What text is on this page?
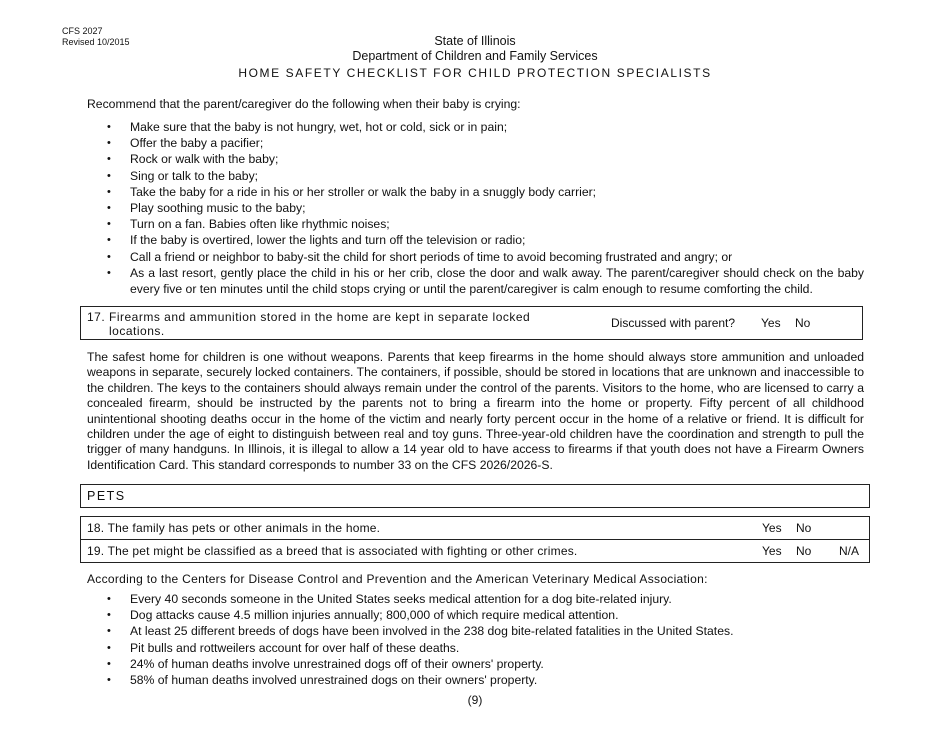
CFS 2027
Revised 10/2015	State of Illinois
Department of Children and Family Services
HOME SAFETY CHECKLIST FOR CHILD PROTECTION SPECIALISTS
Recommend that the parent/caregiver do the following when their baby is crying:
• Make sure that the baby is not hungry, wet, hot or cold, sick or in pain;
• Offer the baby a pacifier;
• Rock or walk with the baby;
• Sing or talk to the baby;
• Take the baby for a ride in his or her stroller or walk the baby in a snuggly body carrier;
• Play soothing music to the baby;
• Turn on a fan. Babies often like rhythmic noises;
• If the baby is overtired, lower the lights and turn off the television or radio;
• Call a friend or neighbor to baby-sit the child for short periods of time to avoid becoming frustrated and angry; or
• As a last resort, gently place the child in his or her crib, close the door and walk away. The parent/caregiver should check on the baby every five or ten minutes until the child stops crying or until the parent/caregiver is calm enough to resume comforting the child.
17. Firearms and ammunition stored in the home are kept in separate locked
locations.
Discussed with parent? Yes No
The safest home for children is one without weapons. Parents that keep firearms in the home should always store ammunition and unloaded weapons in separate, securely locked containers. The containers, if possible, should be stored in locations that are unknown and inaccessible to the children. The keys to the containers should always remain under the control of the parents. Visitors to the home, who are licensed to carry a concealed firearm, should be instructed by the parents not to bring a firearm into the home or property. Fifty percent of all childhood unintentional shooting deaths occur in the home of the victim and nearly forty percent occur in the home of a relative or friend. It is difficult for children under the age of eight to distinguish between real and toy guns. Three-year-old children have the coordination and strength to pull the trigger of many handguns. In Illinois, it is illegal to allow a 14 year old to have access to firearms if that youth does not have a Firearm Owners Identification Card. This standard corresponds to number 33 on the CFS 2026/2026-S.
PETS
18. The family has pets or other animals in the home.	Yes No
19. The pet might be classified as a breed that is associated with fighting or other crimes.	Yes No N/A
According to the Centers for Disease Control and Prevention and the American Veterinary Medical Association:
• Every 40 seconds someone in the United States seeks medical attention for a dog bite-related injury.
• Dog attacks cause 4.5 million injuries annually; 800,000 of which require medical attention.
• At least 25 different breeds of dogs have been involved in the 238 dog bite-related fatalities in the United States.
• Pit bulls and rottweilers account for over half of these deaths.
• 24% of human deaths involve unrestrained dogs off of their owners' property.
• 58% of human deaths involved unrestrained dogs on their owners' property.
(9)
